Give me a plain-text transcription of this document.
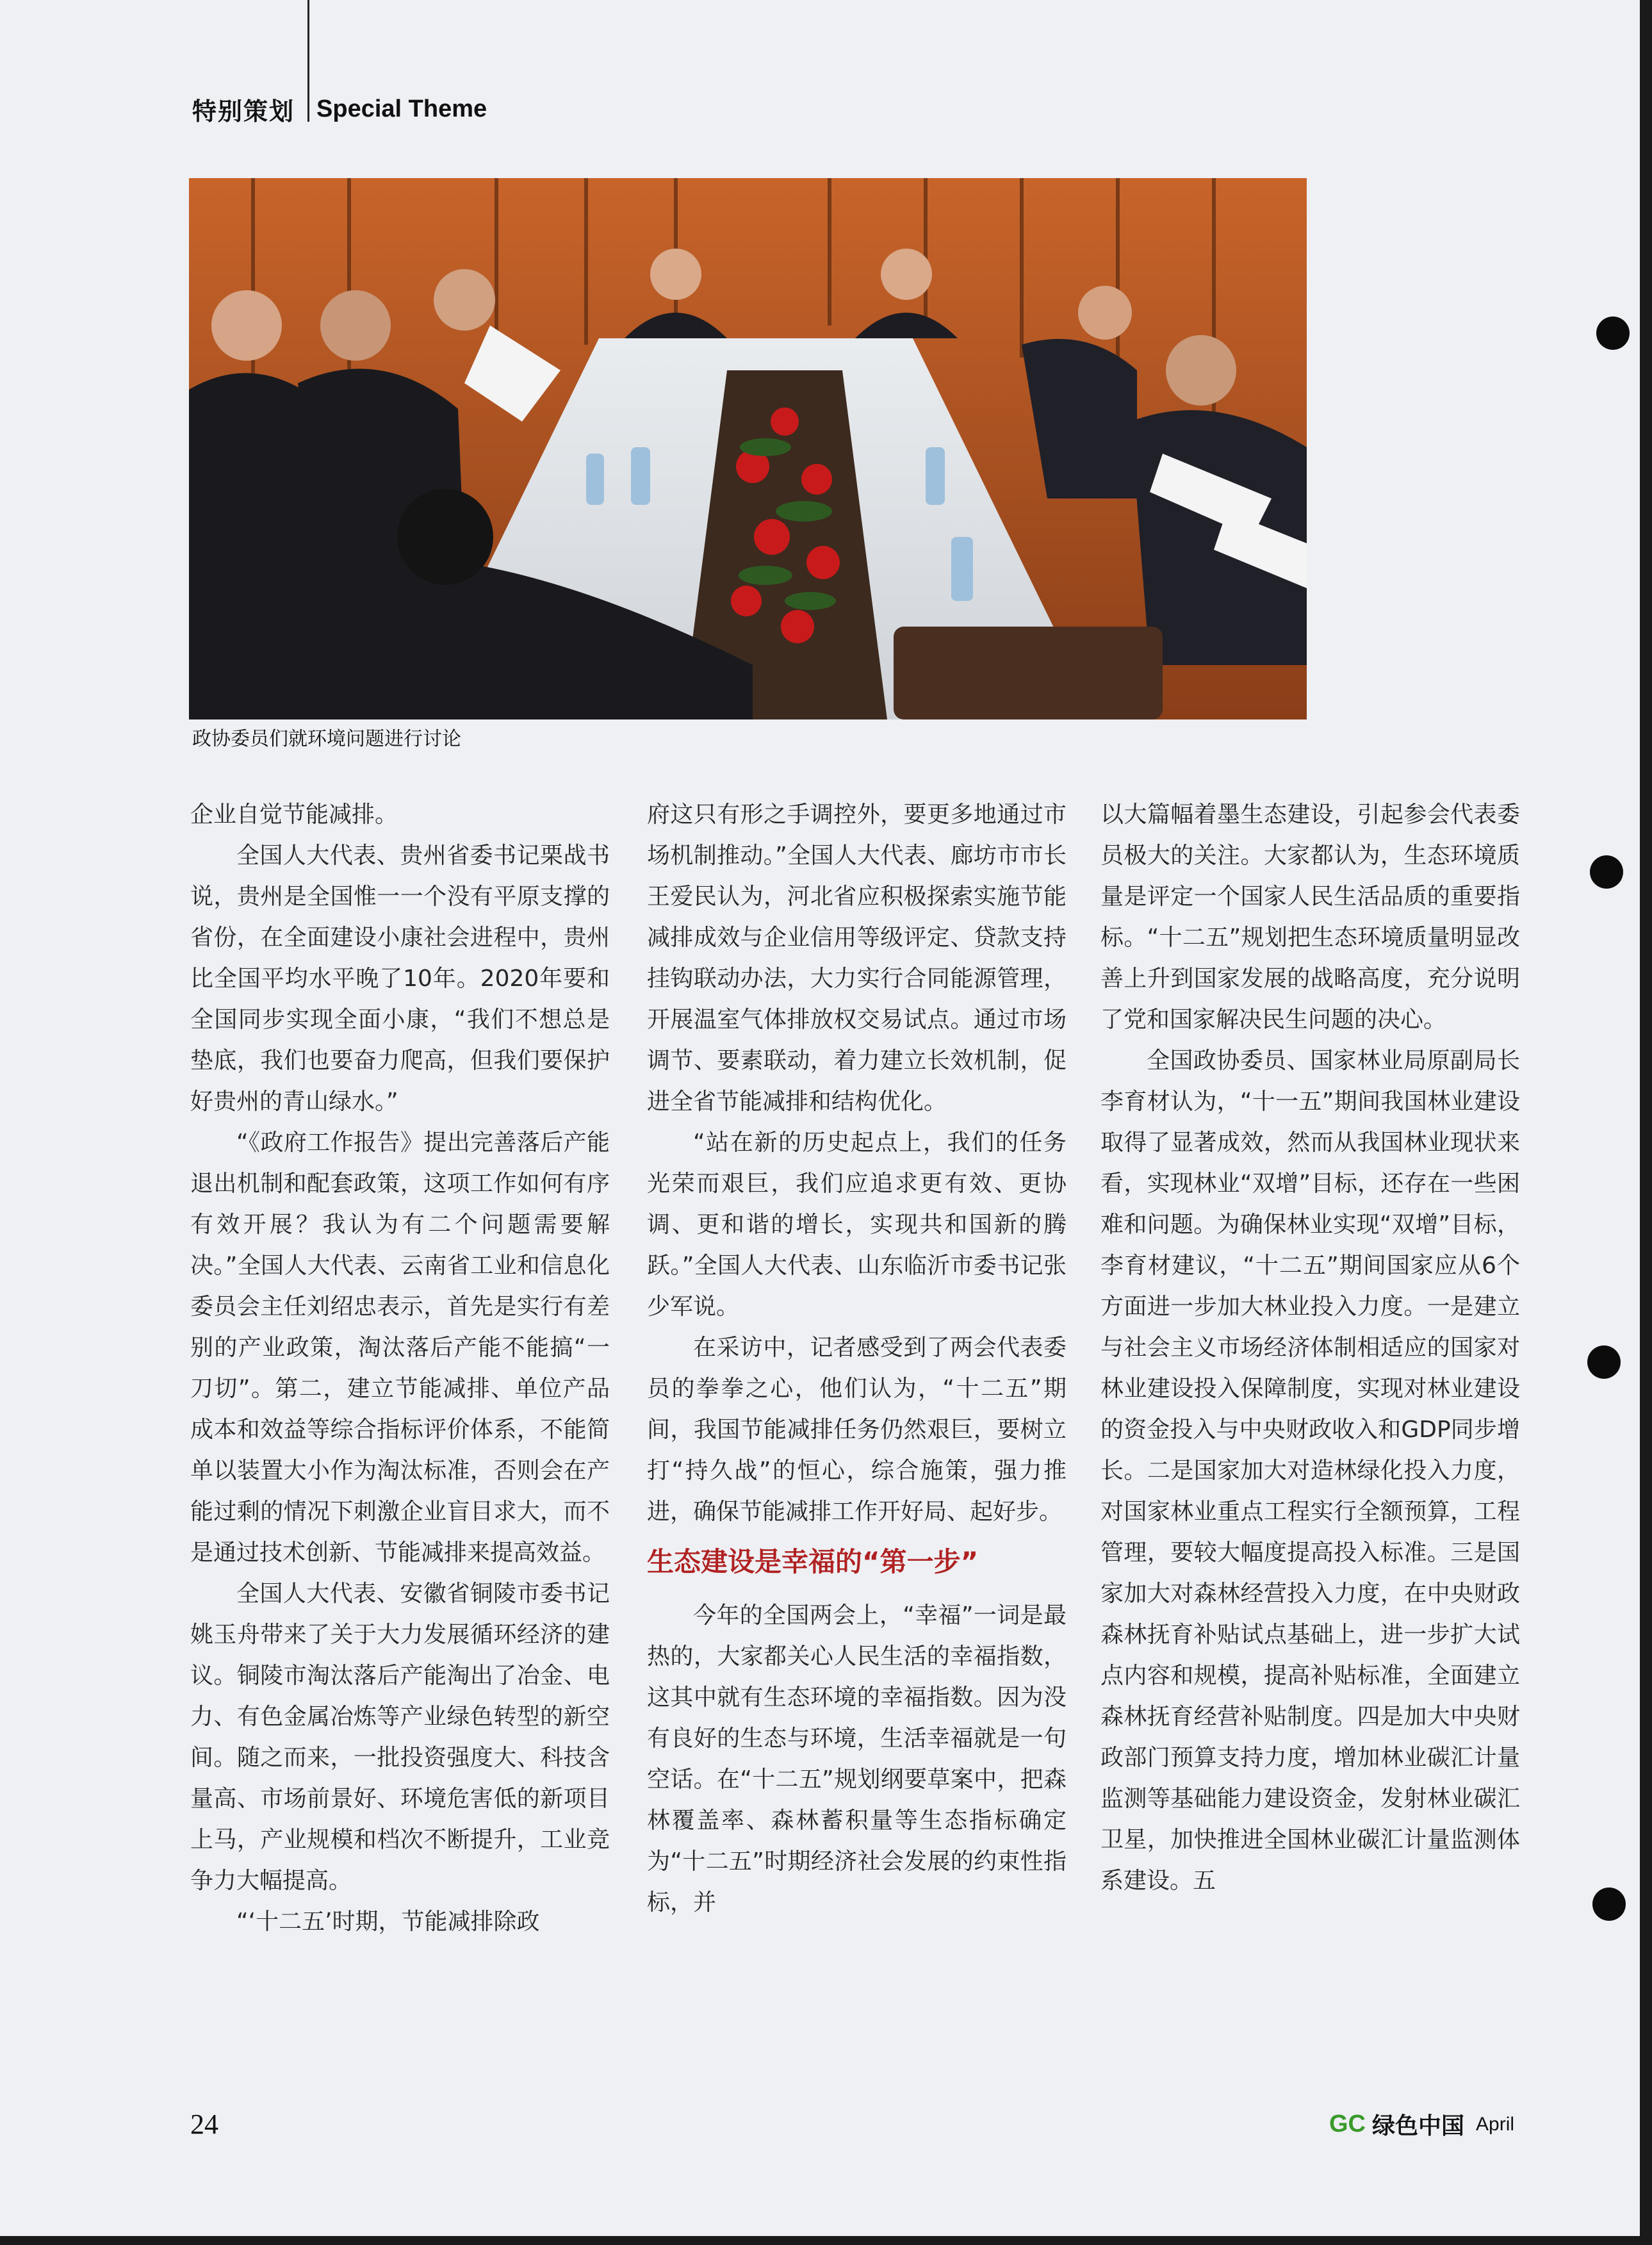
特别策划 Special Theme
政协委员们就环境问题进行讨论

企业自觉节能减排。

全国人大代表、贵州省委书记栗战书说，贵州是全国惟一一个没有平原支撑的省份，在全面建设小康社会进程中，贵州比全国平均水平晚了10年。2020年要和全国同步实现全面小康，“我们不想总是垫底，我们也要奋力爬高，但我们要保护好贵州的青山绿水。”

“《政府工作报告》提出完善落后产能退出机制和配套政策，这项工作如何有序有效开展？我认为有二个问题需要解决。”全国人大代表、云南省工业和信息化委员会主任刘绍忠表示，首先是实行有差别的产业政策，淘汰落后产能不能搞“一刀切”。第二，建立节能减排、单位产品成本和效益等综合指标评价体系，不能简单以装置大小作为淘汰标准，否则会在产能过剩的情况下刺激企业盲目求大，而不是通过技术创新、节能减排来提高效益。

全国人大代表、安徽省铜陵市委书记姚玉舟带来了关于大力发展循环经济的建议。铜陵市淘汰落后产能淘出了冶金、电力、有色金属冶炼等产业绿色转型的新空间。随之而来，一批投资强度大、科技含量高、市场前景好、环境危害低的新项目上马，产业规模和档次不断提升，工业竞争力大幅提高。

“‘十二五’时期，节能减排除政

府这只有形之手调控外，要更多地通过市场机制推动。”全国人大代表、廊坊市市长王爱民认为，河北省应积极探索实施节能减排成效与企业信用等级评定、贷款支持挂钩联动办法，大力实行合同能源管理，开展温室气体排放权交易试点。通过市场调节、要素联动，着力建立长效机制，促进全省节能减排和结构优化。

“站在新的历史起点上，我们的任务光荣而艰巨，我们应追求更有效、更协调、更和谐的增长，实现共和国新的腾跃。”全国人大代表、山东临沂市委书记张少军说。

在采访中，记者感受到了两会代表委员的拳拳之心，他们认为，“十二五”期间，我国节能减排任务仍然艰巨，要树立打“持久战”的恒心，综合施策，强力推进，确保节能减排工作开好局、起好步。

生态建设是幸福的“第一步”

今年的全国两会上，“幸福”一词是最热的，大家都关心人民生活的幸福指数，这其中就有生态环境的幸福指数。因为没有良好的生态与环境，生活幸福就是一句空话。在“十二五”规划纲要草案中，把森林覆盖率、森林蓄积量等生态指标确定为“十二五”时期经济社会发展的约束性指标，并

以大篇幅着墨生态建设，引起参会代表委员极大的关注。大家都认为，生态环境质量是评定一个国家人民生活品质的重要指标。“十二五”规划把生态环境质量明显改善上升到国家发展的战略高度，充分说明了党和国家解决民生问题的决心。

全国政协委员、国家林业局原副局长李育材认为，“十一五”期间我国林业建设取得了显著成效，然而从我国林业现状来看，实现林业“双增”目标，还存在一些困难和问题。为确保林业实现“双增”目标，李育材建议，“十二五”期间国家应从6个方面进一步加大林业投入力度。一是建立与社会主义市场经济体制相适应的国家对林业建设投入保障制度，实现对林业建设的资金投入与中央财政收入和GDP同步增长。二是国家加大对造林绿化投入力度，对国家林业重点工程实行全额预算，工程管理，要较大幅度提高投入标准。三是国家加大对森林经营投入力度，在中央财政森林抚育补贴试点基础上，进一步扩大试点内容和规模，提高补贴标准，全面建立森林抚育经营补贴制度。四是加大中央财政部门预算支持力度，增加林业碳汇计量监测等基础能力建设资金，发射林业碳汇卫星，加快推进全国林业碳汇计量监测体系建设。五

24	GC 绿色中国 April
